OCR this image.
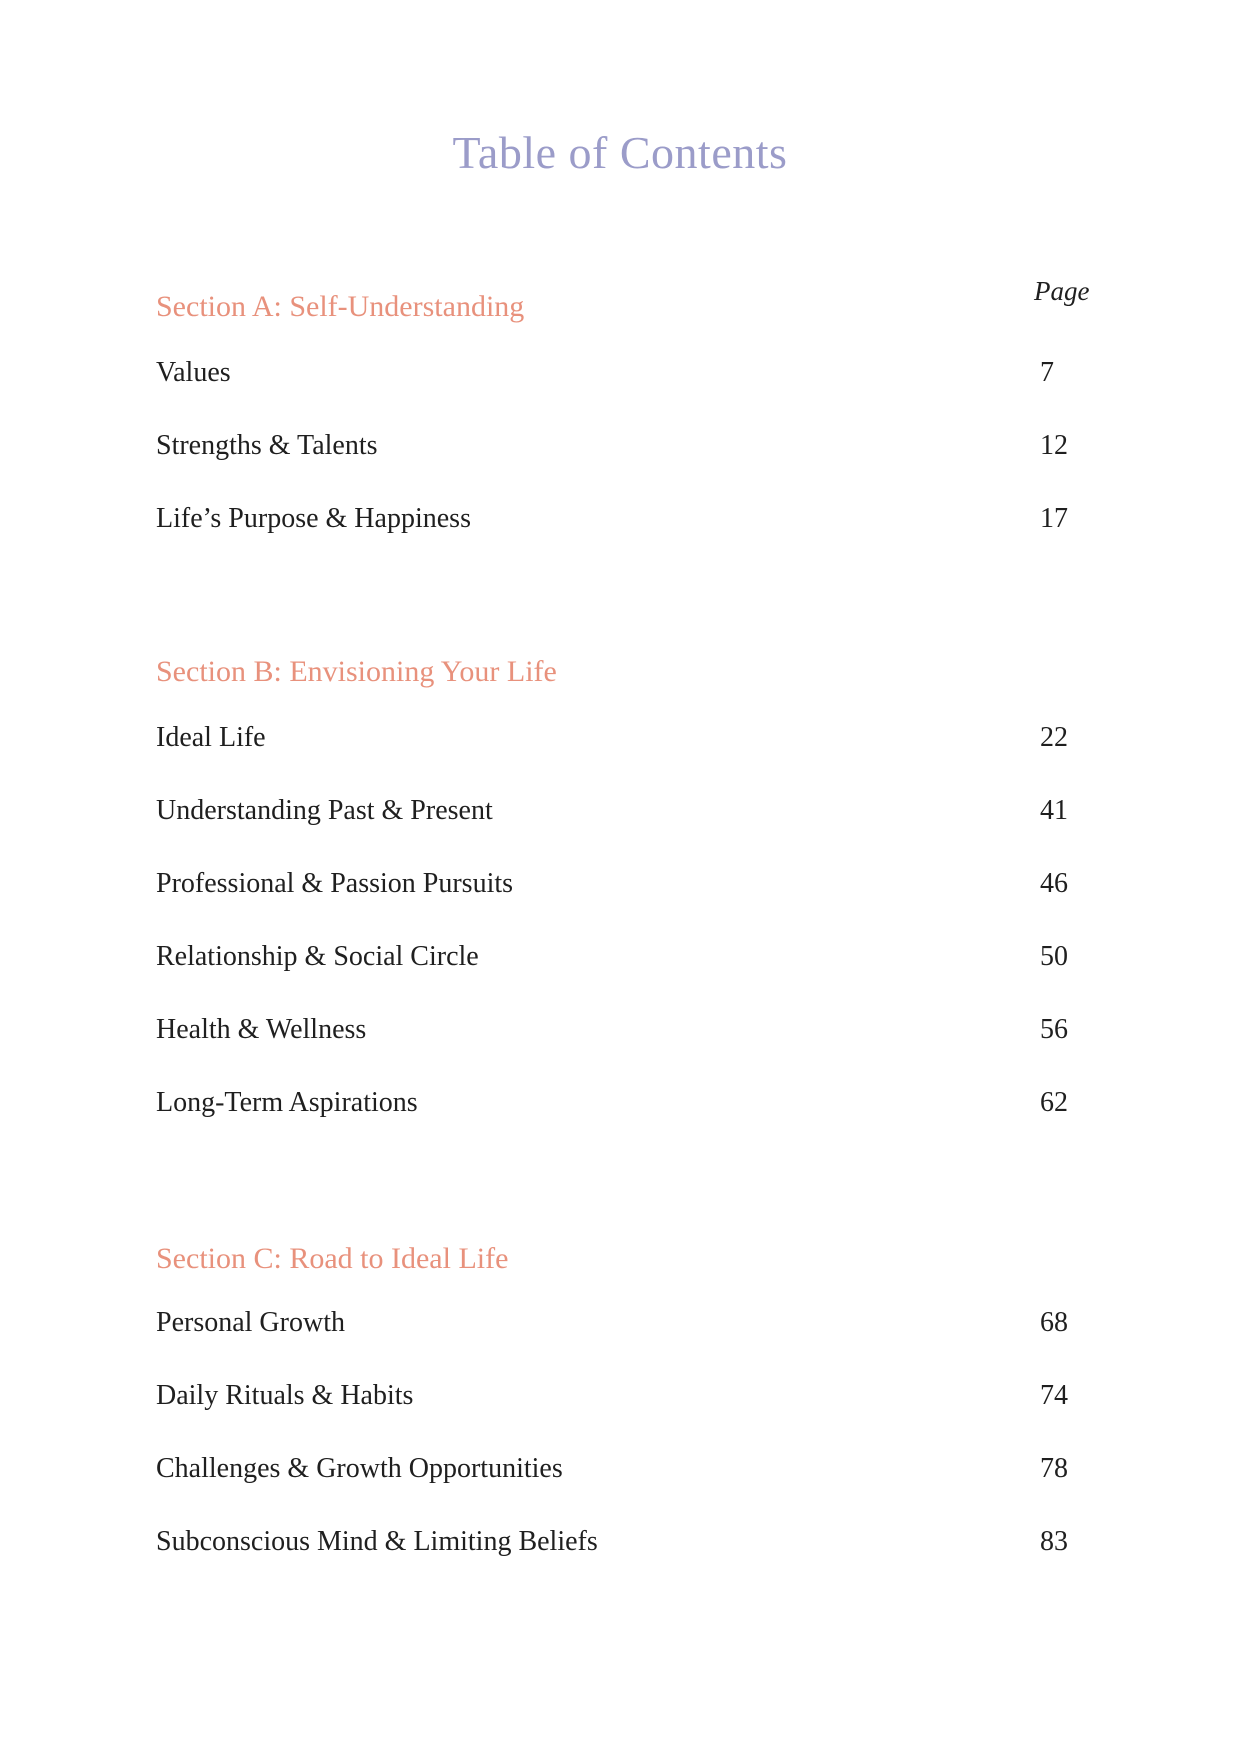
Table of Contents
Page
Section A: Self-Understanding
Values	7
Strengths & Talents	12
Life’s Purpose & Happiness	17
Section B: Envisioning Your Life
Ideal Life	22
Understanding Past & Present	41
Professional & Passion Pursuits	46
Relationship & Social Circle	50
Health & Wellness	56
Long-Term Aspirations	62
Section C: Road to Ideal Life
Personal Growth	68
Daily Rituals & Habits	74
Challenges & Growth Opportunities	78
Subconscious Mind & Limiting Beliefs	83
